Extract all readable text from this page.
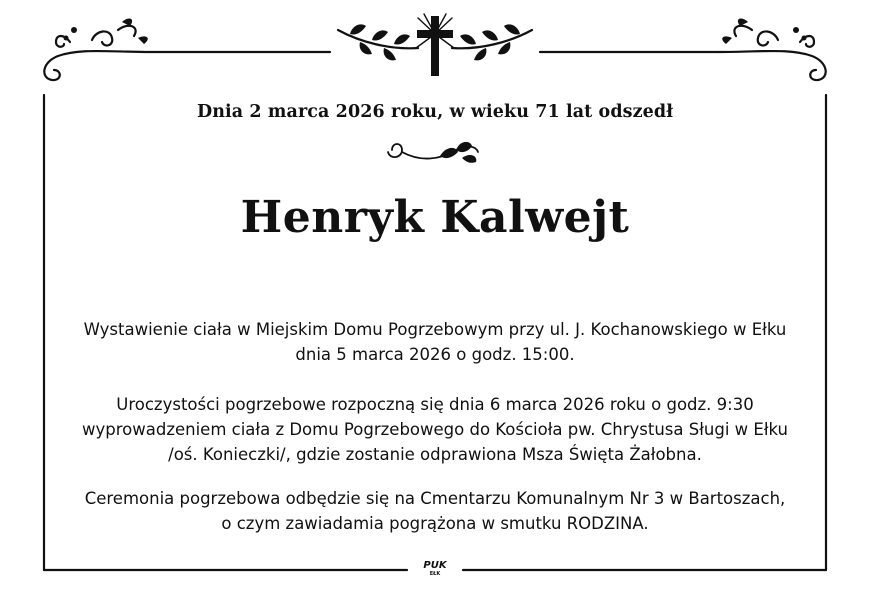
Dnia 2 marca 2026 roku, w wieku 71 lat odszedł
Henryk Kalwejt
Wystawienie ciała w Miejskim Domu Pogrzebowym przy ul. J. Kochanowskiego w Ełku
dnia 5 marca 2026 o godz. 15:00.
Uroczystości pogrzebowe rozpoczną się dnia 6 marca 2026 roku o godz. 9:30
wyprowadzeniem ciała z Domu Pogrzebowego do Kościoła pw. Chrystusa Sługi w Ełku
/oś. Konieczki/, gdzie zostanie odprawiona Msza Święta Żałobna.
Ceremonia pogrzebowa odbędzie się na Cmentarzu Komunalnym Nr 3 w Bartoszach,
o czym zawiadamia pogrążona w smutku RODZINA.
PUK
EŁK
